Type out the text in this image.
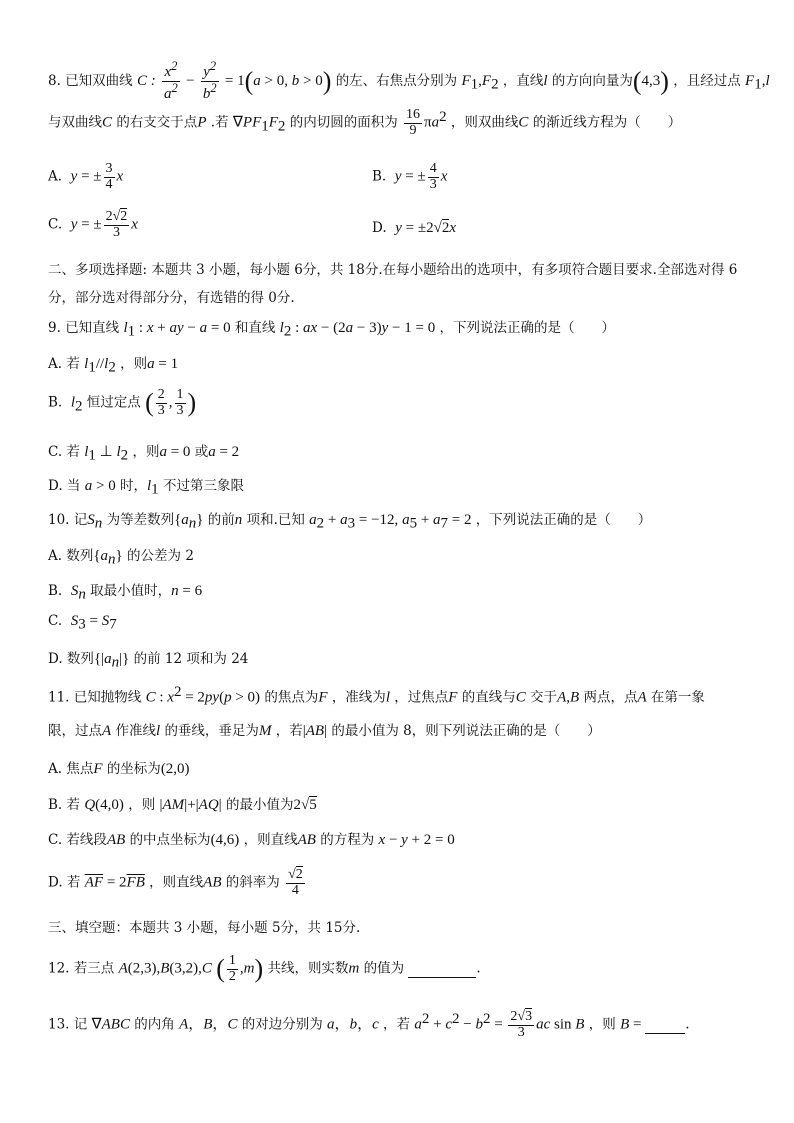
8. 已知双曲线 C : $\frac{x^2}{a^2} - \frac{y^2}{b^2} = 1(a > 0$, b > 0) 的左、右焦点分别为 $F_1,F_2$ ，直线l 的方向向量为(4,3) ，且经过点 $F_1,l$
与双曲线C 的右支交于点P .若 $\nabla PF_1F_2$ 的内切圆的面积为 $\frac{16}{9} \pi a^2$ ，则双曲线C 的渐近线方程为（　　）
A. y = ± $\frac{3}{4}$ x	B. y = ± $\frac{4}{3}$ x
C. y = ± $\frac{2√2}{3}$ x	D. y = ±2√2x
二、多项选择题: 本题共 3 小题，每小题 6分，共 18分.在每小题给出的选项中，有多项符合题目要求.全部选对得 6
分，部分选对得部分分，有选错的得 0分.
9. 已知直线 $l_1$ : x + ay − a = 0 和直线 $l_2$ : ax − (2a − 3)y − 1 = 0 ，下列说法正确的是（　　）
A. 若 $l_1//l_2$ ，则a = 1
B. $l_2$ 恒过定点 ( $\frac{2}{3}$ , $\frac{1}{3}$ )
C. 若 $l_1$ ⊥ $l_2$ ，则a = 0 或a = 2
D. 当 a > 0 时，$l_1$ 不过第三象限
10. 记$S_n$ 为等差数列$\{a_n\}$ 的前n 项和.已知 $a_2 + a_3 = -12$, $a_5 + a_7 = 2$ ，下列说法正确的是（　　）
A. 数列$\{a_n\}$ 的公差为 2
B. $S_n$ 取最小值时，n = 6
C. $S_3 = S_7$
D. 数列$\{|a_n|\}$ 的前 12 项和为 24
11. 已知抛物线 C : $x^2 = 2py(p > 0)$ 的焦点为F ，准线为l ，过焦点F 的直线与C 交于A,B 两点，点A 在第一象
限，过点A 作准线l 的垂线，垂足为M ，若|AB| 的最小值为 8，则下列说法正确的是（　　）
A. 焦点F 的坐标为(2,0)
B. 若 Q(4,0) ，则 |AM|+|AQ| 的最小值为2√5
C. 若线段AB 的中点坐标为(4,6) ，则直线AB 的方程为 x − y + 2 = 0
D. 若 $\overline{AF} = 2\overline{FB}$ ，则直线AB 的斜率为 $\frac{√2}{4}$
三、填空题：本题共 3 小题，每小题 5分，共 15分.
12. 若三点 A(2,3),B(3,2),C ( $\frac{1}{2} ,m$) 共线，则实数m 的值为	.
13. 记 ∇ABC 的内角 A，B，C 的对边分别为 a，b，c ，若 $a^2 + c^2 - b^2 = \frac{2√3}{3}$ ac sin B ，则 B =	.
